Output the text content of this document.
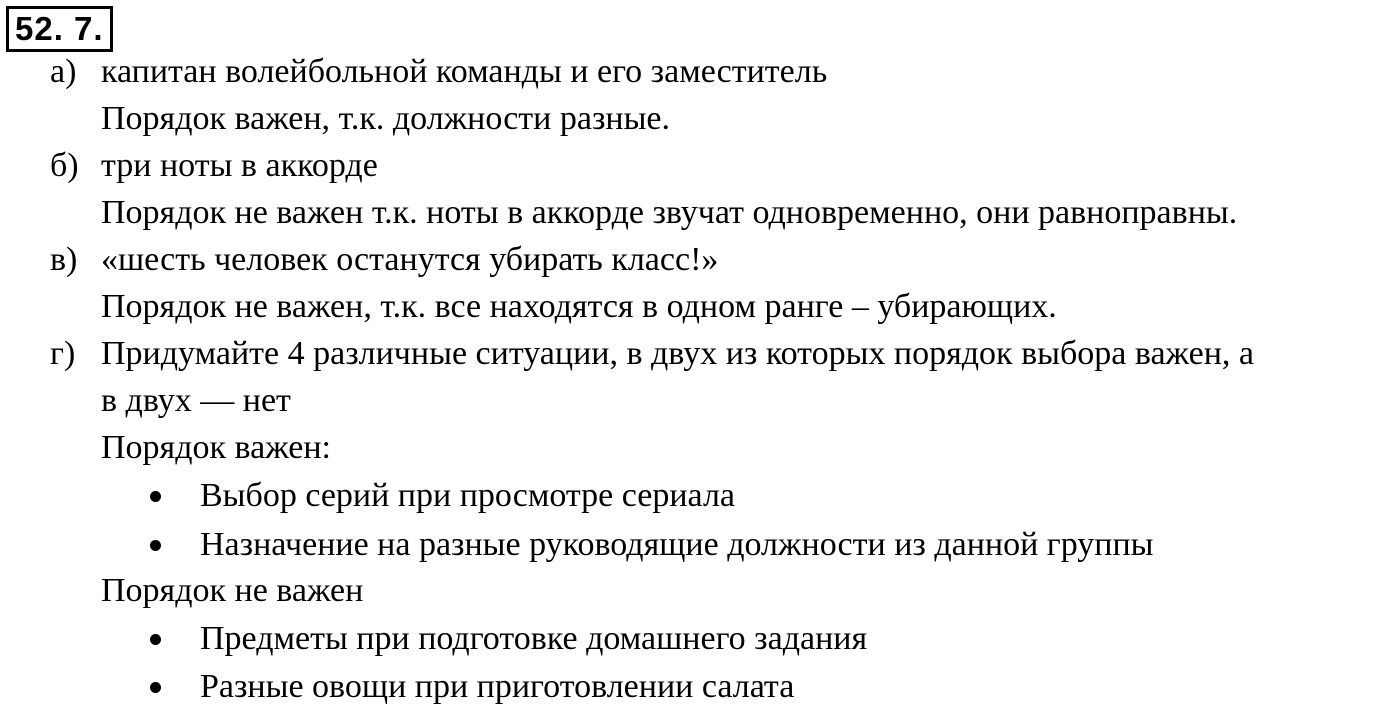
52. 7.
а) капитан волейбольной команды и его заместитель
Порядок важен, т.к. должности разные.
б) три ноты в аккорде
Порядок не важен т.к. ноты в аккорде звучат одновременно, они равноправны.
в) «шесть человек останутся убирать класс!»
Порядок не важен, т.к. все находятся в одном ранге – убирающих.
г) Придумайте 4 различные ситуации, в двух из которых порядок выбора важен, а
в двух — нет
Порядок важен:
Выбор серий при просмотре сериала
Назначение на разные руководящие должности из данной группы
Порядок не важен
Предметы при подготовке домашнего задания
Разные овощи при приготовлении салата
